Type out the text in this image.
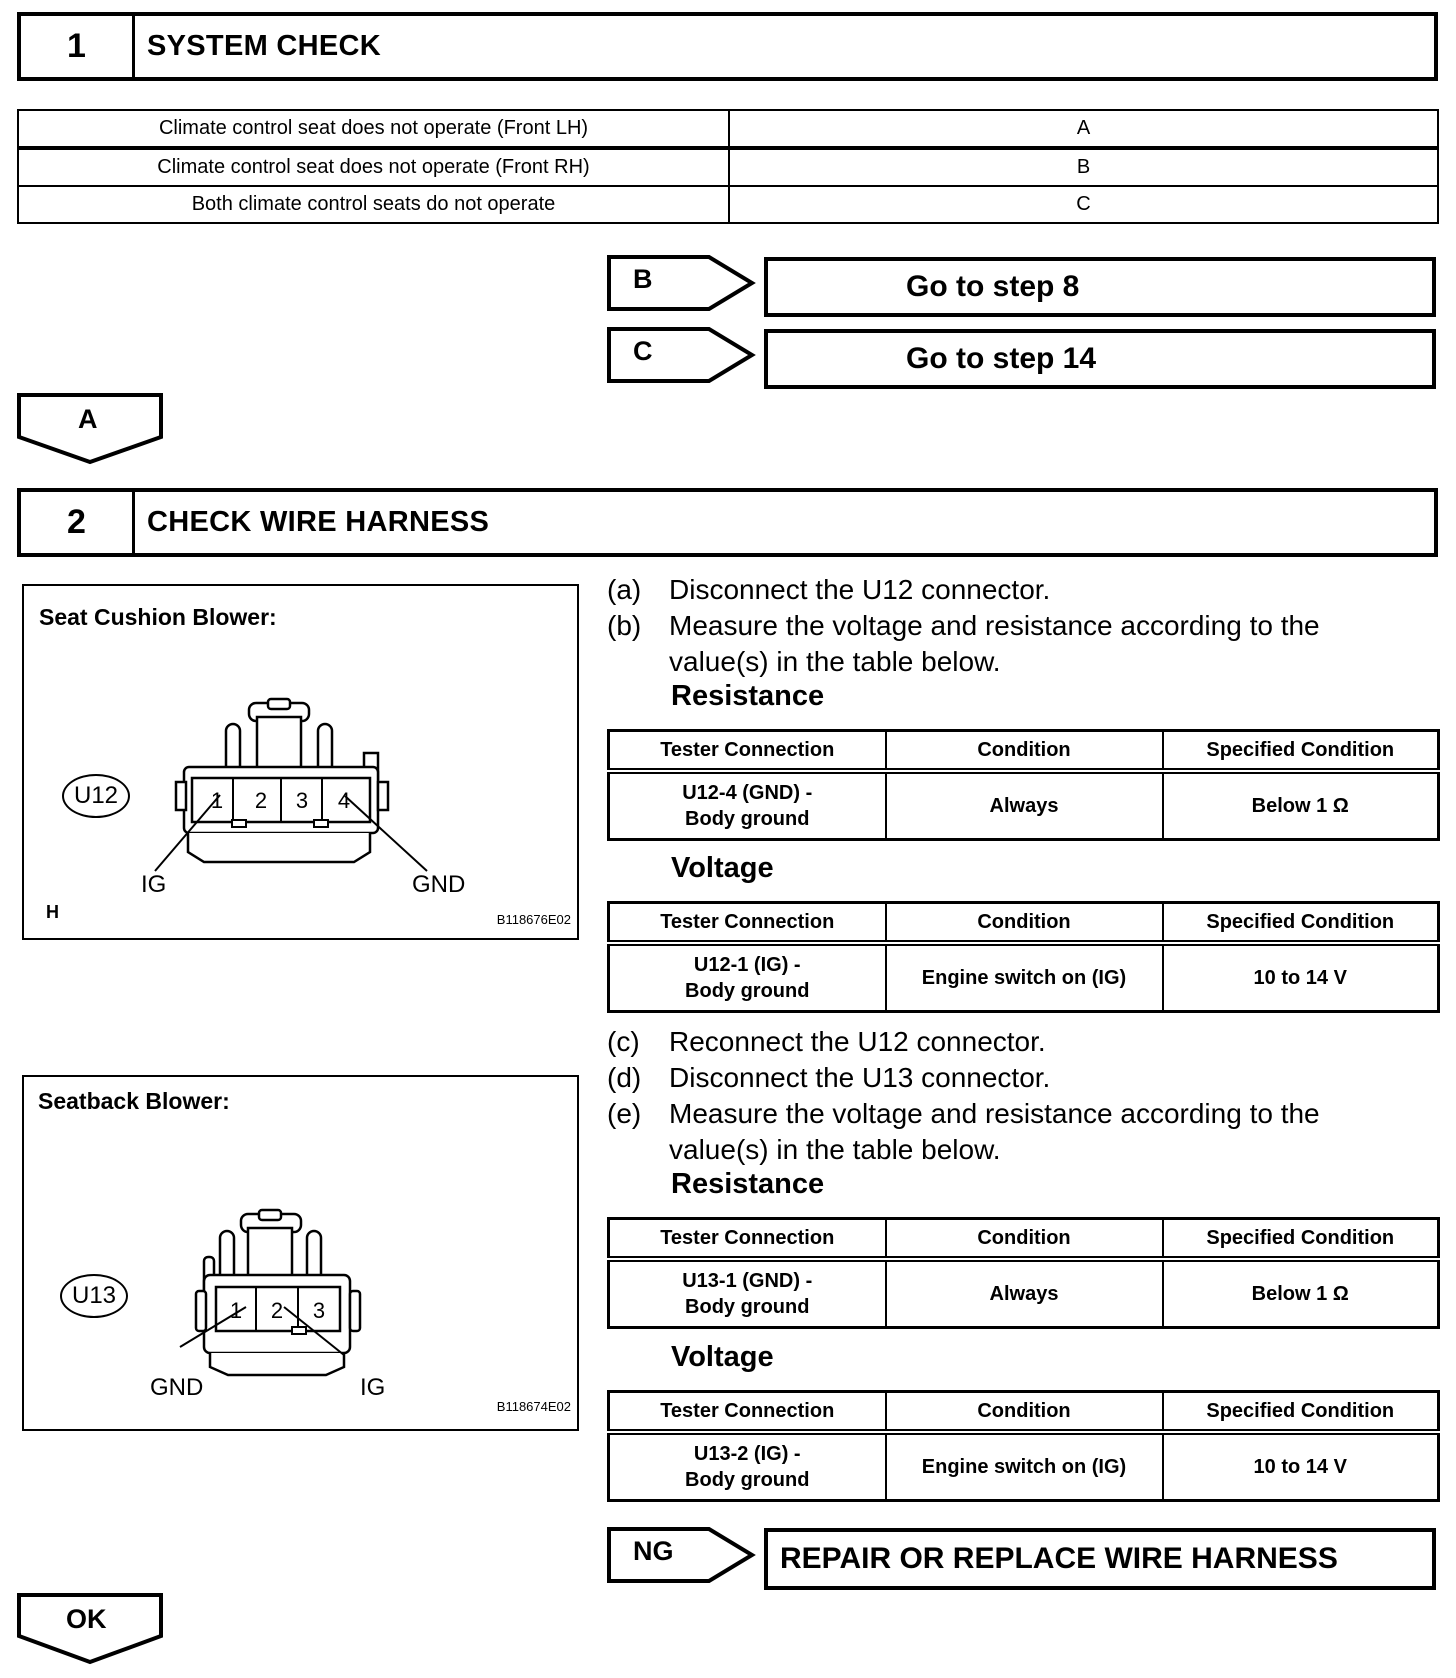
1	SYSTEM CHECK
Climate control seat does not operate (Front LH)	A
Climate control seat does not operate (Front RH)	B
Both climate control seats do not operate	C
B	Go to step 8
C	Go to step 14
A
2	CHECK WIRE HARNESS
Seat Cushion Blower:
U12	1 2 3 4
IG	GND
H	B118676E02
Seatback Blower:
U13
1 2 3
GND	IG
B118674E02
(a) Disconnect the U12 connector.
(b) Measure the voltage and resistance according to the value(s) in the table below.
Resistance
Tester Connection	Condition	Specified Condition
U12-4 (GND) - Body ground	Always	Below 1 Ω
Voltage
Tester Connection	Condition	Specified Condition
U12-1 (IG) - Body ground	Engine switch on (IG)	10 to 14 V
(c) Reconnect the U12 connector.
(d) Disconnect the U13 connector.
(e) Measure the voltage and resistance according to the value(s) in the table below.
Resistance
Tester Connection	Condition	Specified Condition
U13-1 (GND) - Body ground	Always	Below 1 Ω
Voltage
Tester Connection	Condition	Specified Condition
U13-2 (IG) - Body ground	Engine switch on (IG)	10 to 14 V
NG	REPAIR OR REPLACE WIRE HARNESS
OK
